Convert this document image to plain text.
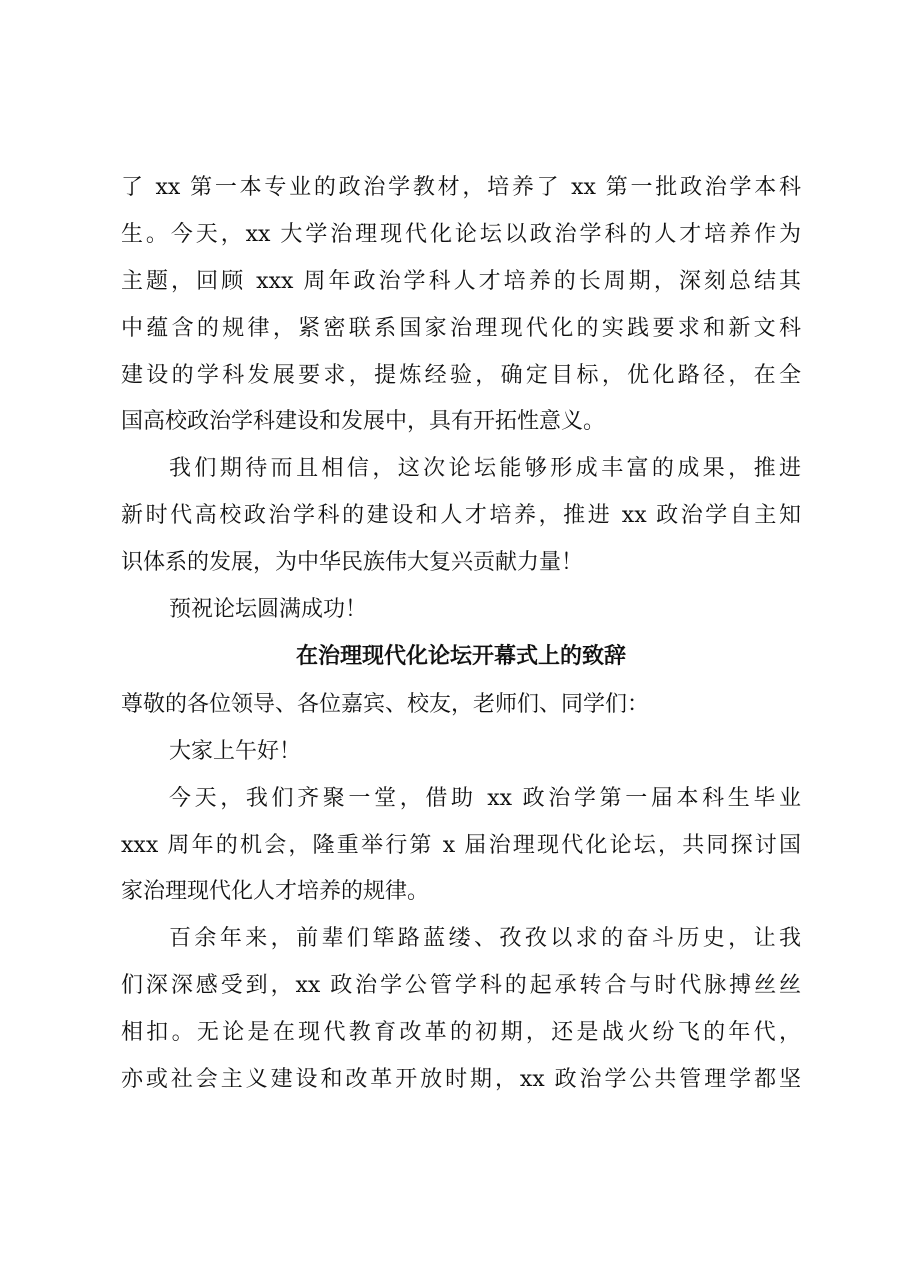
了 xx 第一本专业的政治学教材，培养了 xx 第一批政治学本科
生。今天，xx 大学治理现代化论坛以政治学科的人才培养作为
主题，回顾 xxx 周年政治学科人才培养的长周期，深刻总结其
中蕴含的规律，紧密联系国家治理现代化的实践要求和新文科
建设的学科发展要求，提炼经验，确定目标，优化路径，在全
国高校政治学科建设和发展中，具有开拓性意义。
我们期待而且相信，这次论坛能够形成丰富的成果，推进
新时代高校政治学科的建设和人才培养，推进 xx 政治学自主知
识体系的发展，为中华民族伟大复兴贡献力量！
预祝论坛圆满成功！
在治理现代化论坛开幕式上的致辞
尊敬的各位领导、各位嘉宾、校友，老师们、同学们：
大家上午好！
今天，我们齐聚一堂，借助 xx 政治学第一届本科生毕业
xxx 周年的机会，隆重举行第 x 届治理现代化论坛，共同探讨国
家治理现代化人才培养的规律。
百余年来，前辈们筚路蓝缕、孜孜以求的奋斗历史，让我
们深深感受到，xx 政治学公管学科的起承转合与时代脉搏丝丝
相扣。无论是在现代教育改革的初期，还是战火纷飞的年代，
亦或社会主义建设和改革开放时期，xx 政治学公共管理学都坚
